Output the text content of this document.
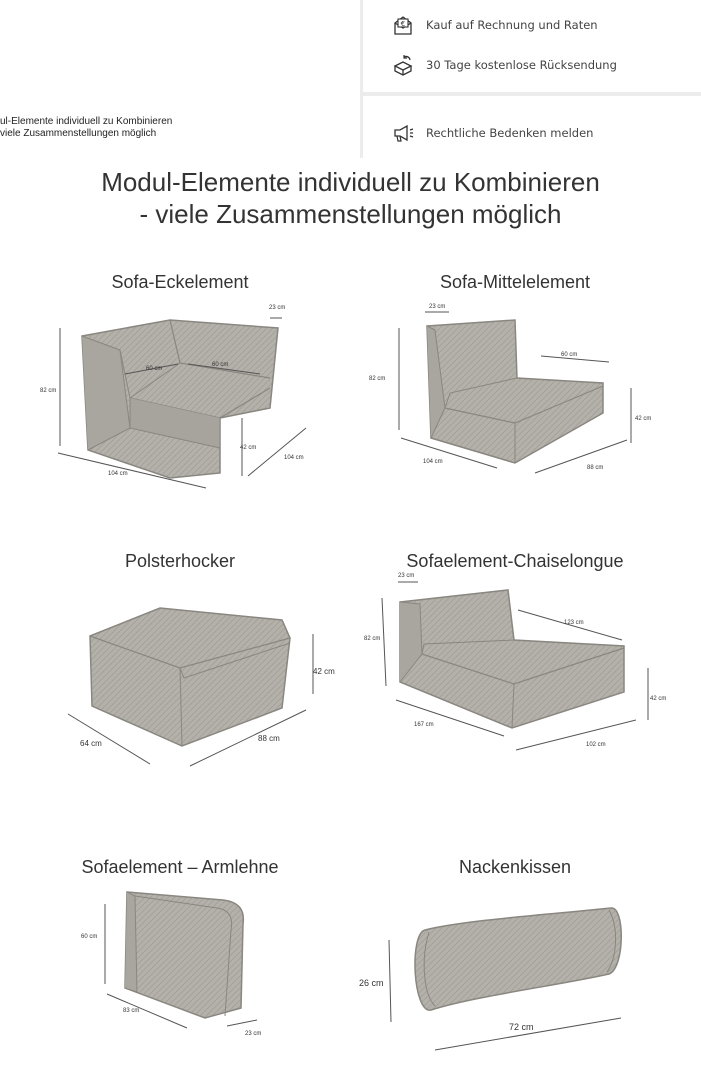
ul-Elemente individuell zu Kombinieren
viele Zusammenstellungen möglich
€ Kauf auf Rechnung und Raten
30 Tage kostenlose Rücksendung
Rechtliche Bedenken melden
Modul-Elemente individuell zu Kombinieren
- viele Zusammenstellungen möglich
Sofa-Eckelement	Sofa-Mittelelement
Polsterhocker	Sofaelement-Chaiselongue
Sofaelement – Armlehne	Nackenkissen
23 cm
60 cm
60 cm
82 cm
42 cm
104 cm
104 cm
23 cm
60 cm
82 cm
42 cm
104 cm
88 cm
42 cm
64 cm
88 cm
23 cm
123 cm
82 cm
42 cm
167 cm
102 cm
60 cm
83 cm
23 cm
26 cm
72 cm
